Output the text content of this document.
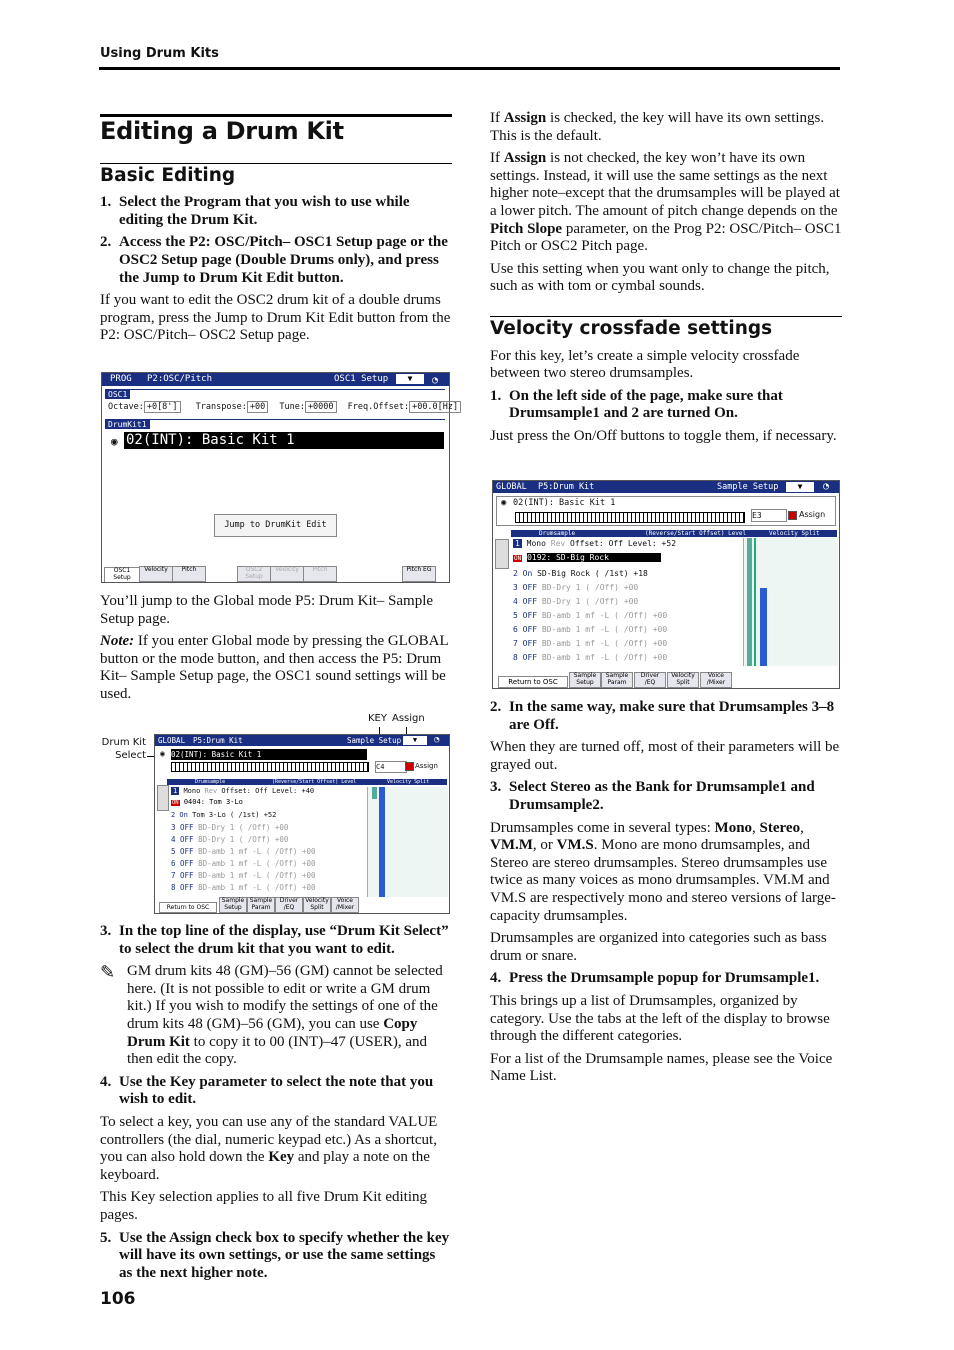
Using Drum Kits
Editing a Drum Kit
Basic Editing
1. Select the Program that you wish to use while editing the Drum Kit.
2. Access the P2: OSC/Pitch– OSC1 Setup page or the OSC2 Setup page (Double Drums only), and press the Jump to Drum Kit Edit button.

If you want to edit the OSC2 drum kit of a double drums program, press the Jump to Drum Kit Edit button from the P2: OSC/Pitch– OSC2 Setup page.

PROG P2:OSC/Pitch	OSC1 Setup	▼	◔
OSC1
Octave: +0[8'] Transpose: +00 Tune: +0000 Freq.Offset: +00.0[Hz]
DrumKit1
◉ 02(INT): Basic Kit 1
Jump to DrumKit Edit
OSC1 Setup
Velocity	Pitch	OSC2 Setup
Velocity	Pitch	Pitch EG

You’ll jump to the Global mode P5: Drum Kit– Sample Setup page.

Note: If you enter Global mode by pressing the GLOBAL button or the mode button, and then access the P5: Drum Kit– Sample Setup page, the OSC1 sound settings will be used.

KEY Assign
Drum Kit Select
GLOBAL P5:Drum Kit	Sample Setup	▼	◔
◉ 02(INT): Basic Kit 1
C4	Assign
Drumsample	(Reverse/Start Offset) Level	Velocity Split
1 Mono Rev Offset: Off Level: +40
ON 0404: Tom 3-Lo
2 On Tom 3-Lo ( /1st) +52
3 OFF BD-Dry 1 ( /Off) +00
4 OFF BD-Dry 1 ( /Off) +00
5 OFF BD-amb 1 mf -L ( /Off) +00
6 OFF BD-amb 1 mf -L ( /Off) +00
7 OFF BD-amb 1 mf -L ( /Off) +00
8 OFF BD-amb 1 mf -L ( /Off) +00
Return to OSC
Sample Setup
Sample Param
Driver /EQ
Velocity Split
Voice /Mixer
3. In the top line of the display, use “Drum Kit Select” to select the drum kit that you want to edit.
✎ GM drum kits 48 (GM)–56 (GM) cannot be selected here. (It is not possible to edit or write a GM drum kit.) If you wish to modify the settings of one of the drum kits 48 (GM)–56 (GM), you can use Copy Drum Kit to copy it to 00 (INT)–47 (USER), and then edit the copy.
4. Use the Key parameter to select the note that you wish to edit.

To select a key, you can use any of the standard VALUE controllers (the dial, numeric keypad etc.) As a shortcut, you can also hold down the Key and play a note on the keyboard.

This Key selection applies to all five Drum Kit editing pages.

5. Use the Assign check box to specify whether the key will have its own settings, or use the same settings as the next higher note.

If Assign is checked, the key will have its own settings. This is the default.

If Assign is not checked, the key won’t have its own settings. Instead, it will use the same settings as the next higher note–except that the drumsamples will be played at a lower pitch. The amount of pitch change depends on the Pitch Slope parameter, on the Prog P2: OSC/Pitch– OSC1 Pitch or OSC2 Pitch page.

Use this setting when you want only to change the pitch, such as with tom or cymbal sounds.

Velocity crossfade settings

For this key, let’s create a simple velocity crossfade between two stereo drumsamples.

1. On the left side of the page, make sure that Drumsample1 and 2 are turned On.

Just press the On/Off buttons to toggle them, if necessary.

GLOBAL P5:Drum Kit	Sample Setup	▼	◔
◉ 02(INT): Basic Kit 1
E3	Assign
Drumsample	(Reverse/Start Offset) Level	Velocity Split
1 Mono Rev Offset: Off Level: +52
ON 0192: SD-Big Rock
2 On SD-Big Rock ( /1st) +18
3 OFF BD-Dry 1 ( /Off) +00
4 OFF BD-Dry 1 ( /Off) +00
5 OFF BD-amb 1 mf -L ( /Off) +00
6 OFF BD-amb 1 mf -L ( /Off) +00
7 OFF BD-amb 1 mf -L ( /Off) +00
8 OFF BD-amb 1 mf -L ( /Off) +00
Return to OSC
Sample Setup
Sample Param
Driver /EQ
Velocity Split
Voice /Mixer
2. In the same way, make sure that Drumsamples 3–8 are Off.

When they are turned off, most of their parameters will be grayed out.

3. Select Stereo as the Bank for Drumsample1 and Drumsample2.

Drumsamples come in several types: Mono, Stereo, VM.M, or VM.S. Mono are mono drumsamples, and Stereo are stereo drumsamples. Stereo drumsamples use twice as many voices as mono drumsamples. VM.M and VM.S are respectively mono and stereo versions of large-capacity drumsamples.

Drumsamples are organized into categories such as bass drum or snare.

4. Press the Drumsample popup for Drumsample1.

This brings up a list of Drumsamples, organized by category. Use the tabs at the left of the display to browse through the different categories.

For a list of the Drumsample names, please see the Voice Name List.

106
